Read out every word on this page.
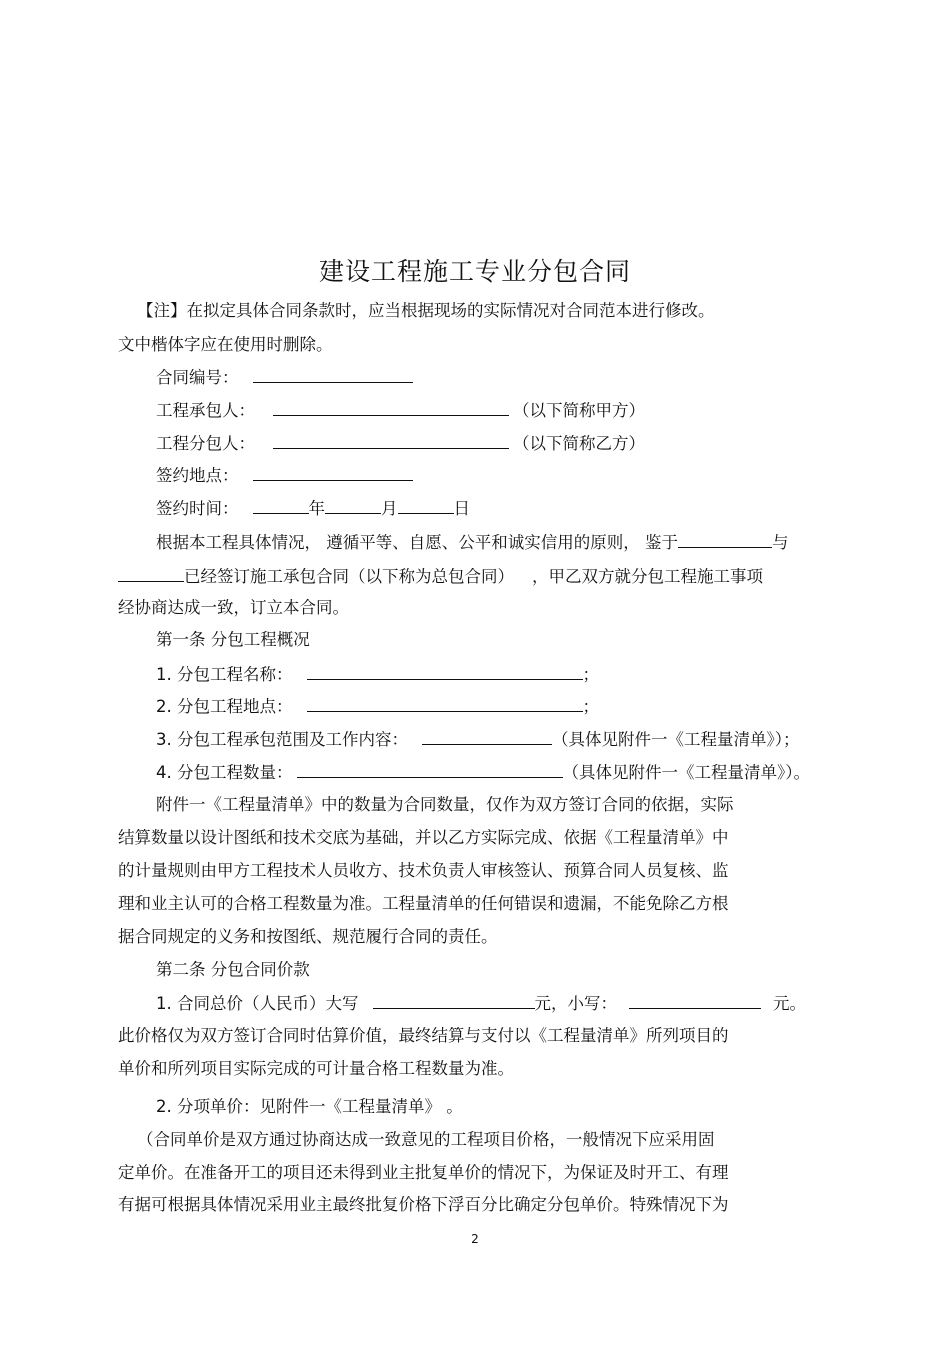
建设工程施工专业分包合同
【注】在拟定具体合同条款时，应当根据现场的实际情况对合同范本进行修改。
文中楷体字应在使用时删除。
合同编号：
工程承包人：	（以下简称甲方）
工程分包人：	（以下简称乙方）
签约地点：
签约时间：	年	月	日
根据本工程具体情况， 遵循平等、自愿、公平和诚实信用的原则， 鉴于	与
已经签订施工承包合同（以下称为总包合同） ，甲乙双方就分包工程施工事项
经协商达成一致，订立本合同。
第一条 分包工程概况
1. 分包工程名称：	；
2. 分包工程地点：	；
3. 分包工程承包范围及工作内容：	（具体见附件一《工程量清单》）；
4. 分包工程数量：	（具体见附件一《工程量清单》）。
附件一《工程量清单》中的数量为合同数量，仅作为双方签订合同的依据，实际
结算数量以设计图纸和技术交底为基础，并以乙方实际完成、依据《工程量清单》中
的计量规则由甲方工程技术人员收方、技术负责人审核签认、预算合同人员复核、监
理和业主认可的合格工程数量为准。工程量清单的任何错误和遗漏，不能免除乙方根
据合同规定的义务和按图纸、规范履行合同的责任。
第二条 分包合同价款
1. 合同总价（人民币）大写	元，小写：	元。
此价格仅为双方签订合同时估算价值，最终结算与支付以《工程量清单》所列项目的
单价和所列项目实际完成的可计量合格工程数量为准。
2. 分项单价：见附件一《工程量清单》 。
（合同单价是双方通过协商达成一致意见的工程项目价格，一般情况下应采用固
定单价。在准备开工的项目还未得到业主批复单价的情况下，为保证及时开工、有理
有据可根据具体情况采用业主最终批复价格下浮百分比确定分包单价。特殊情况下为
2
